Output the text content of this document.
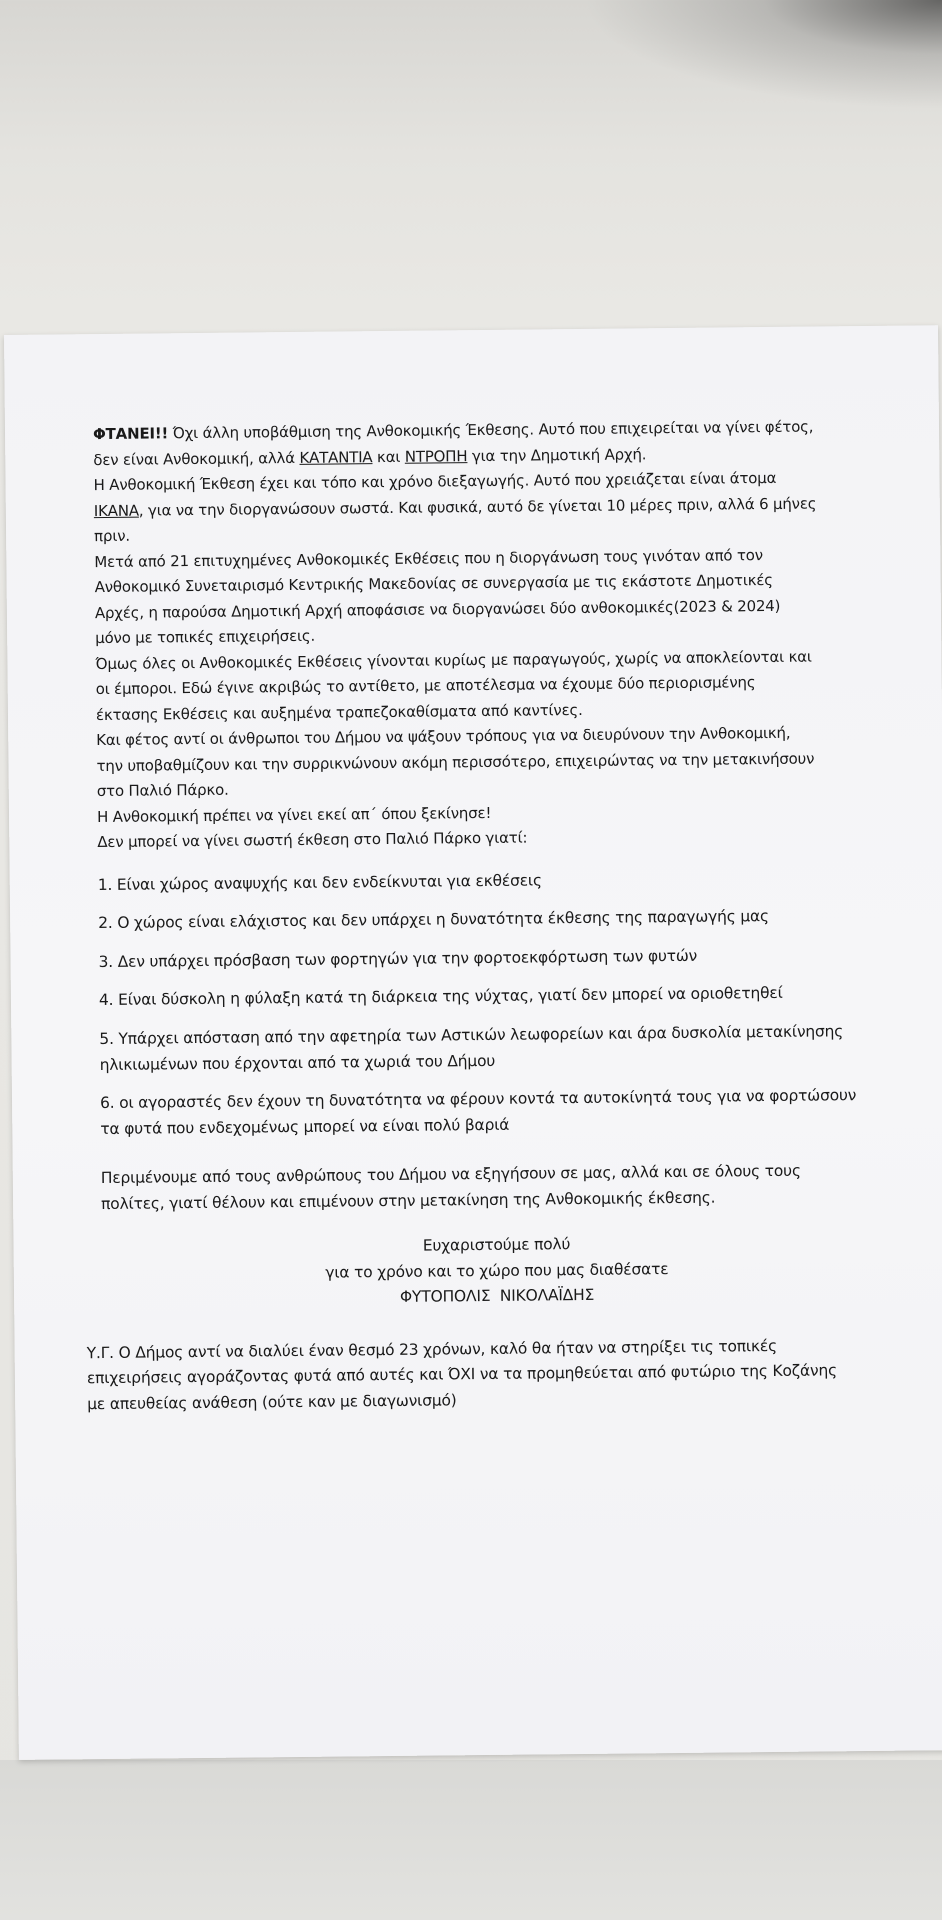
ΦΤΑΝΕΙ!! Όχι άλλη υποβάθμιση της Ανθοκομικής Έκθεσης. Αυτό που επιχειρείται να γίνει φέτος,

δεν είναι Ανθοκομική, αλλά ΚΑΤΑΝΤΙΑ και ΝΤΡΟΠΗ για την Δημοτική Αρχή.

Η Ανθοκομική Έκθεση έχει και τόπο και χρόνο διεξαγωγής. Αυτό που χρειάζεται είναι άτομα

ΙΚΑΝΑ, για να την διοργανώσουν σωστά. Και φυσικά, αυτό δε γίνεται 10 μέρες πριν, αλλά 6 μήνες

πριν.

Μετά από 21 επιτυχημένες Ανθοκομικές Εκθέσεις που η διοργάνωση τους γινόταν από τον

Ανθοκομικό Συνεταιρισμό Κεντρικής Μακεδονίας σε συνεργασία με τις εκάστοτε Δημοτικές

Αρχές, η παρούσα Δημοτική Αρχή αποφάσισε να διοργανώσει δύο ανθοκομικές(2023 & 2024)

μόνο με τοπικές επιχειρήσεις.

Όμως όλες οι Ανθοκομικές Εκθέσεις γίνονται κυρίως με παραγωγούς, χωρίς να αποκλείονται και

οι έμποροι. Εδώ έγινε ακριβώς το αντίθετο, με αποτέλεσμα να έχουμε δύο περιορισμένης

έκτασης Εκθέσεις και αυξημένα τραπεζοκαθίσματα από καντίνες.

Και φέτος αντί οι άνθρωποι του Δήμου να ψάξουν τρόπους για να διευρύνουν την Ανθοκομική,

την υποβαθμίζουν και την συρρικνώνουν ακόμη περισσότερο, επιχειρώντας να την μετακινήσουν

στο Παλιό Πάρκο.

Η Ανθοκομική πρέπει να γίνει εκεί απ΄ όπου ξεκίνησε!

Δεν μπορεί να γίνει σωστή έκθεση στο Παλιό Πάρκο γιατί:

1. Είναι χώρος αναψυχής και δεν ενδείκνυται για εκθέσεις

2. Ο χώρος είναι ελάχιστος και δεν υπάρχει η δυνατότητα έκθεσης της παραγωγής μας

3. Δεν υπάρχει πρόσβαση των φορτηγών για την φορτοεκφόρτωση των φυτών

4. Είναι δύσκολη η φύλαξη κατά τη διάρκεια της νύχτας, γιατί δεν μπορεί να οριοθετηθεί

5. Υπάρχει απόσταση από την αφετηρία των Αστικών λεωφορείων και άρα δυσκολία μετακίνησης

ηλικιωμένων που έρχονται από τα χωριά του Δήμου

6. οι αγοραστές δεν έχουν τη δυνατότητα να φέρουν κοντά τα αυτοκίνητά τους για να φορτώσουν

τα φυτά που ενδεχομένως μπορεί να είναι πολύ βαριά

Περιμένουμε από τους ανθρώπους του Δήμου να εξηγήσουν σε μας, αλλά και σε όλους τους

πολίτες, γιατί θέλουν και επιμένουν στην μετακίνηση της Ανθοκομικής έκθεσης.

Ευχαριστούμε πολύ

για το χρόνο και το χώρο που μας διαθέσατε

ΦΥΤΟΠΟΛΙΣ  ΝΙΚΟΛΑΪΔΗΣ

Υ.Γ. Ο Δήμος αντί να διαλύει έναν θεσμό 23 χρόνων, καλό θα ήταν να στηρίξει τις τοπικές

επιχειρήσεις αγοράζοντας φυτά από αυτές και ΌΧΙ να τα προμηθεύεται από φυτώριο της Κοζάνης

με απευθείας ανάθεση (ούτε καν με διαγωνισμό)
